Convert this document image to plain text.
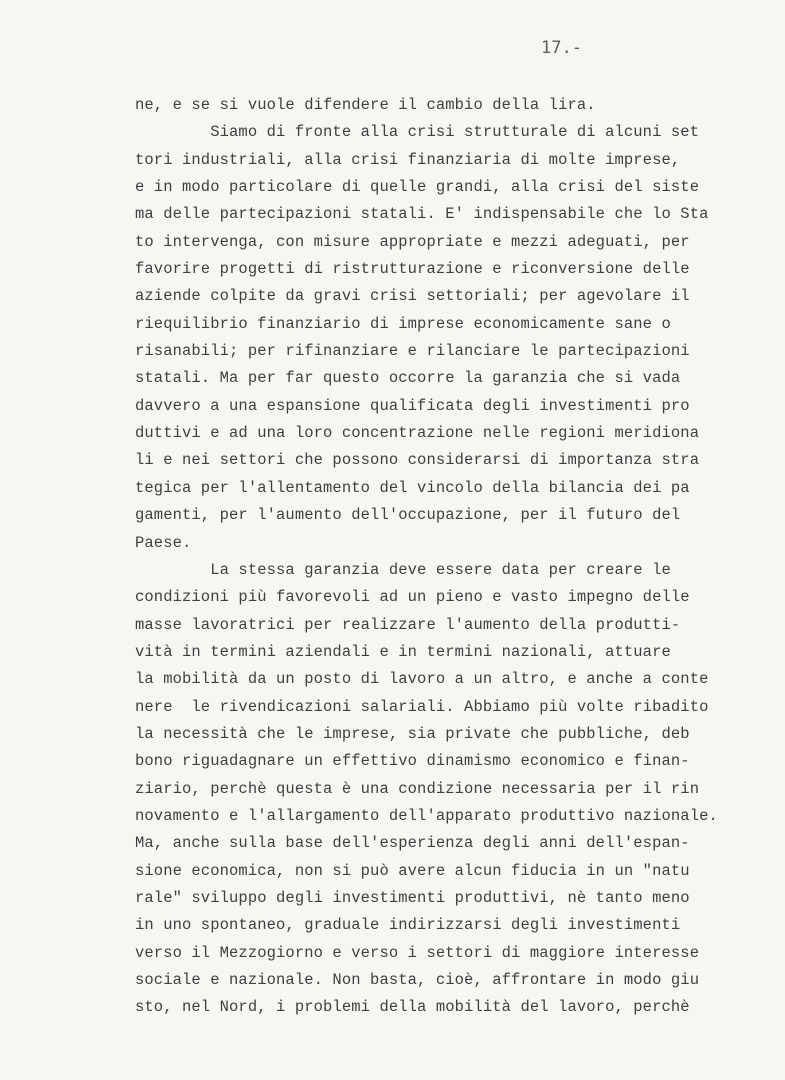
17.-
ne, e se si vuole difendere il cambio della lira.
Siamo di fronte alla crisi strutturale di alcuni set
tori industriali, alla crisi finanziaria di molte imprese,
e in modo particolare di quelle grandi, alla crisi del siste
ma delle partecipazioni statali. E' indispensabile che lo Sta
to intervenga, con misure appropriate e mezzi adeguati, per
favorire progetti di ristrutturazione e riconversione delle
aziende colpite da gravi crisi settoriali; per agevolare il
riequilibrio finanziario di imprese economicamente sane o
risanabili; per rifinanziare e rilanciare le partecipazioni
statali. Ma per far questo occorre la garanzia che si vada
davvero a una espansione qualificata degli investimenti pro
duttivi e ad una loro concentrazione nelle regioni meridiona
li e nei settori che possono considerarsi di importanza stra
tegica per l'allentamento del vincolo della bilancia dei pa
gamenti, per l'aumento dell'occupazione, per il futuro del
Paese.
La stessa garanzia deve essere data per creare le
condizioni più favorevoli ad un pieno e vasto impegno delle
masse lavoratrici per realizzare l'aumento della produtti-
vità in termini aziendali e in termini nazionali, attuare
la mobilità da un posto di lavoro a un altro, e anche a conte
nere  le rivendicazioni salariali. Abbiamo più volte ribadito
la necessità che le imprese, sia private che pubbliche, deb
bono riguadagnare un effettivo dinamismo economico e finan-
ziario, perchè questa è una condizione necessaria per il rin
novamento e l'allargamento dell'apparato produttivo nazionale.
Ma, anche sulla base dell'esperienza degli anni dell'espan-
sione economica, non si può avere alcun fiducia in un "natu
rale" sviluppo degli investimenti produttivi, nè tanto meno
in uno spontaneo, graduale indirizzarsi degli investimenti
verso il Mezzogiorno e verso i settori di maggiore interesse
sociale e nazionale. Non basta, cioè, affrontare in modo giu
sto, nel Nord, i problemi della mobilità del lavoro, perchè
